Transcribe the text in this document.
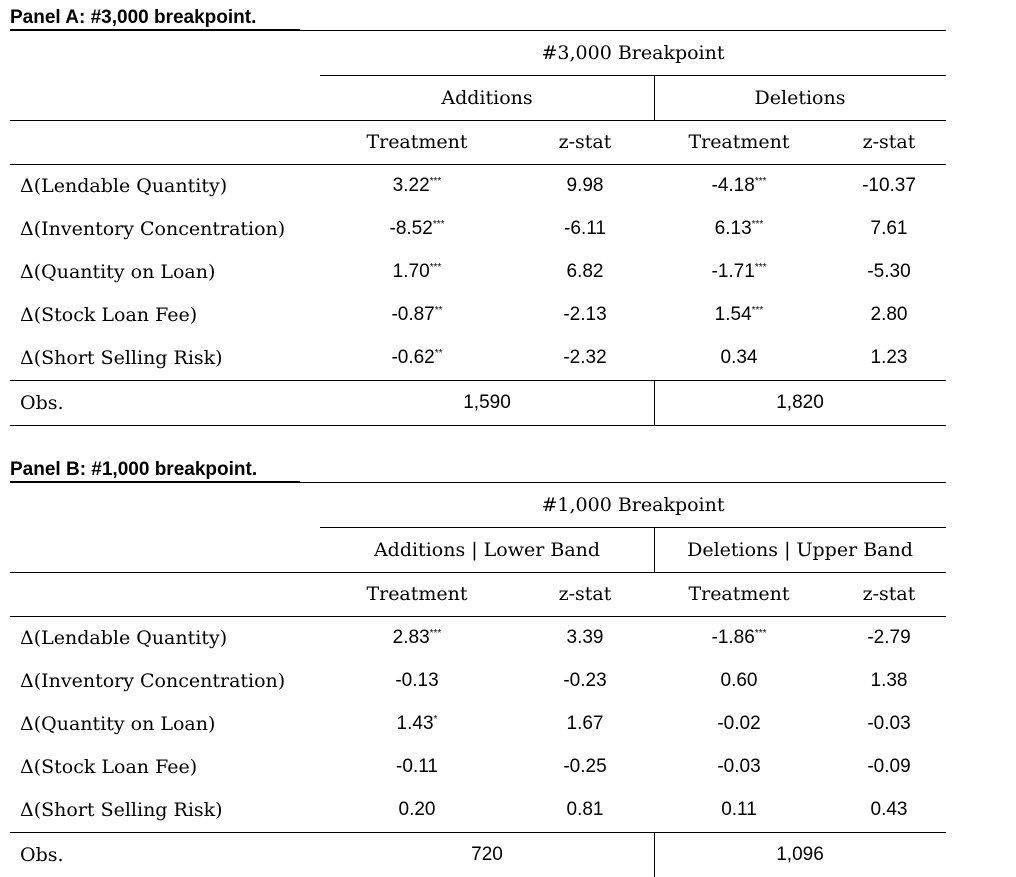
Panel A: #3,000 breakpoint.
#3,000 Breakpoint
Additions	Deletions
Treatment	z-stat	Treatment	z-stat
Δ(Lendable Quantity)	3.22***	9.98	-4.18***	-10.37
Δ(Inventory Concentration)	-8.52***	-6.11	6.13***	7.61
Δ(Quantity on Loan)	1.70***	6.82	-1.71***	-5.30
Δ(Stock Loan Fee)	-0.87**	-2.13	1.54***	2.80
Δ(Short Selling Risk)	-0.62**	-2.32	0.34	1.23
Obs.	1,590	1,820
Panel B: #1,000 breakpoint.
#1,000 Breakpoint
Additions | Lower Band	Deletions | Upper Band
Treatment	z-stat	Treatment	z-stat
Δ(Lendable Quantity)	2.83***	3.39	-1.86***	-2.79
Δ(Inventory Concentration)	-0.13	-0.23	0.60	1.38
Δ(Quantity on Loan)	1.43*	1.67	-0.02	-0.03
Δ(Stock Loan Fee)	-0.11	-0.25	-0.03	-0.09
Δ(Short Selling Risk)	0.20	0.81	0.11	0.43
Obs.	720	1,096
